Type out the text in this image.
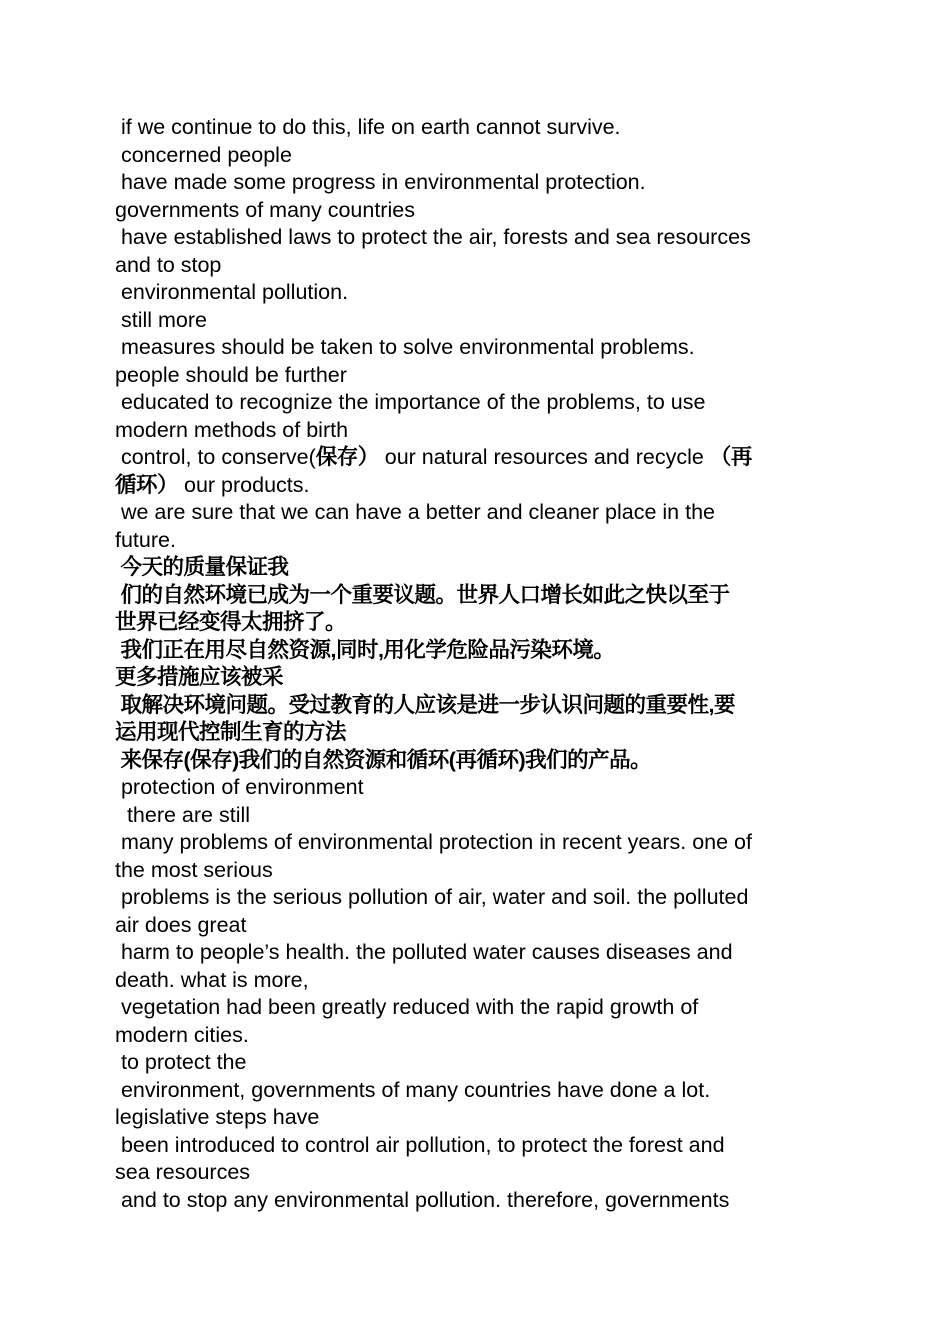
if we continue to do this, life on earth cannot survive.
concerned people
have made some progress in environmental protection.
governments of many countries
have established laws to protect the air, forests and sea resources
and to stop
environmental pollution.
still more
measures should be taken to solve environmental problems.
people should be further
educated to recognize the importance of the problems, to use
modern methods of birth
control, to conserve(保存） our natural resources and recycle （再
循环） our products.
we are sure that we can have a better and cleaner place in the
future.
今天的质量保证我
们的自然环境已成为一个重要议题。世界人口增长如此之快以至于
世界已经变得太拥挤了。
我们正在用尽自然资源,同时,用化学危险品污染环境。
更多措施应该被采
取解决环境问题。受过教育的人应该是进一步认识问题的重要性,要
运用现代控制生育的方法
来保存(保存)我们的自然资源和循环(再循环)我们的产品。
protection of environment
there are still
many problems of environmental protection in recent years. one of
the most serious
problems is the serious pollution of air, water and soil. the polluted
air does great
harm to people’s health. the polluted water causes diseases and
death. what is more,
vegetation had been greatly reduced with the rapid growth of
modern cities.
to protect the
environment, governments of many countries have done a lot.
legislative steps have
been introduced to control air pollution, to protect the forest and
sea resources
and to stop any environmental pollution. therefore, governments
